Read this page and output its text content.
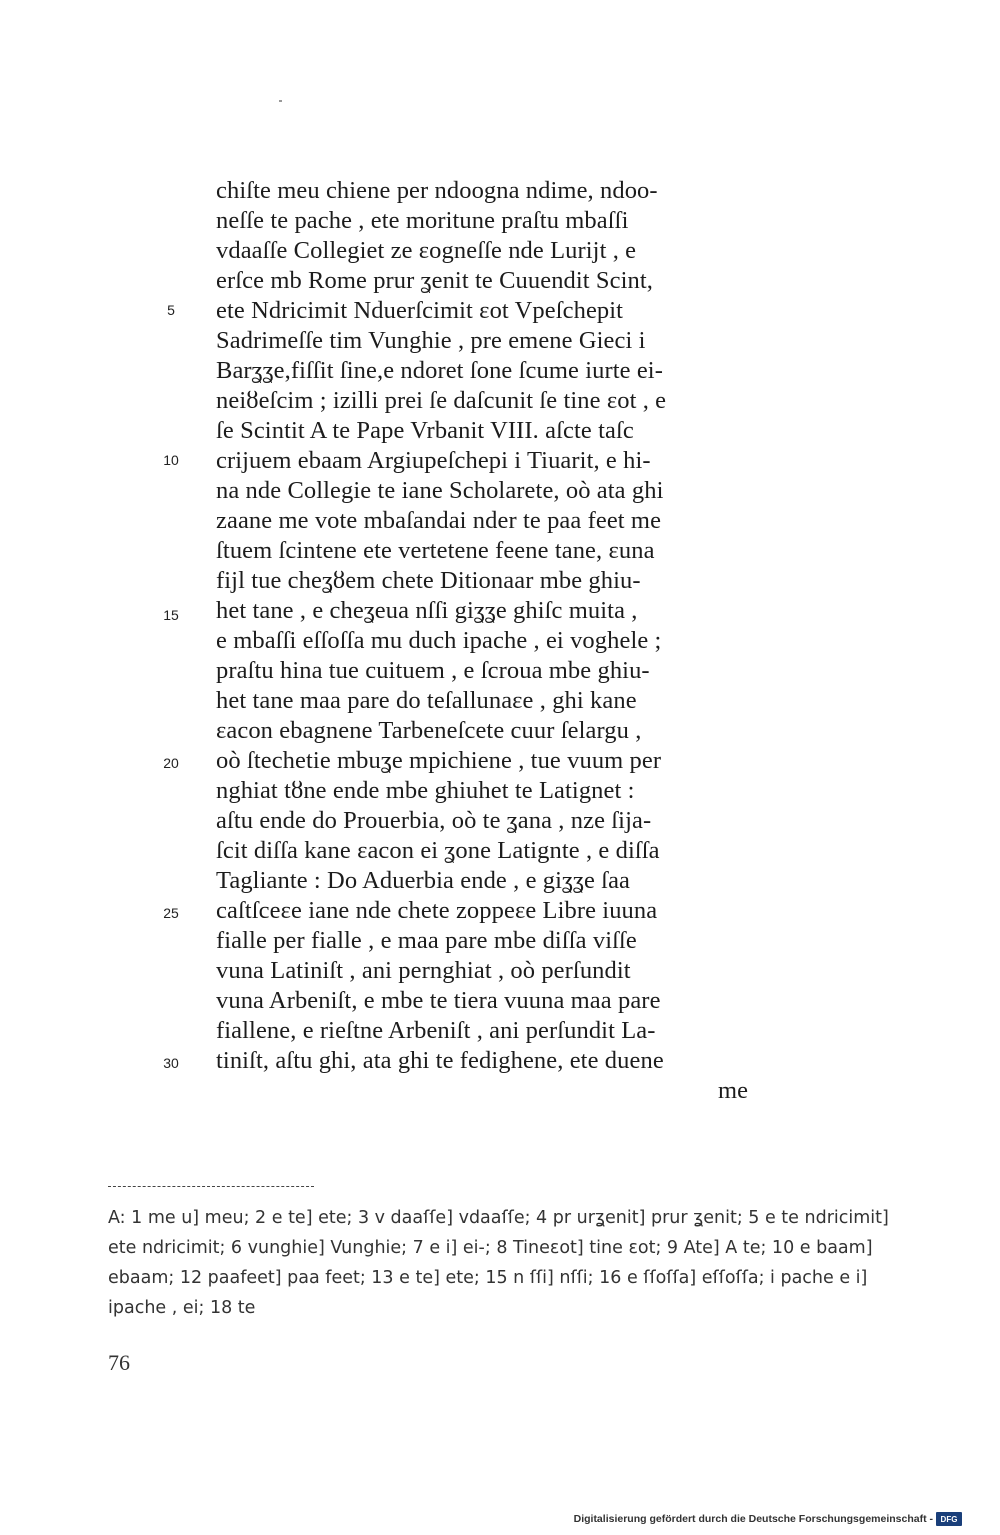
chiſte meu chiene per ndoogna ndime, ndoo-
neſſe te pache , ete moritune praſtu mbaſſi
vdaaſſe Collegiet ze ɛogneſſe nde Lurijt , e
erſce mb Rome prur ʓenit te Cuuendit Scint,
ete Ndricimit Nduerſcimit ɛot Vpeſchepit
Sadrimeſſe tim Vunghie , pre emene Gieci i
Barʓʓe,fiſſit ſine,e ndoret ſone ſcume iurte ei-
neiȣeſcim ; izilli prei ſe daſcunit ſe tine ɛot , e
ſe Scintit A te Pape Vrbanit VIII. aſcte taſc
crijuem ebaam Argiupeſchepi i Tiuarit, e hi-
na nde Collegie te iane Scholarete, oò ata ghi
zaane me vote mbaſandai nder te paa feet me
ſtuem ſcintene ete vertetene feene tane, ɛuna
fijl tue cheʓȣem chete Ditionaar mbe ghiu-
het tane , e cheʓeua nſſi giʓʓe ghiſc muita ,
e mbaſſi eſſoſſa mu duch ipache , ei voghele ;
praſtu hina tue cuituem , e ſcroua mbe ghiu-
het tane maa pare do teſallunaɛe , ghi kane
ɛacon ebagnene Tarbeneſcete cuur ſelargu ,
oò ſtechetie mbuʓe mpichiene , tue vuum per
nghiat tȣne ende mbe ghiuhet te Latignet :
aſtu ende do Prouerbia, oò te ʓana , nze ſija-
ſcit diſſa kane ɛacon ei ʓone Latignte , e diſſa
Tagliante : Do Aduerbia ende , e giʓʓe ſaa
caſtſceɛe iane nde chete zoppeɛe Libre iuuna
fialle per fialle , e maa pare mbe diſſa viſſe
vuna Latiniſt , ani pernghiat , oò perſundit
vuna Arbeniſt, e mbe te tiera vuuna maa pare
fiallene, e rieſtne Arbeniſt , ani perſundit La-
tiniſt, aſtu ghi, ata ghi te fedighene, ete duene
me
5
10
15
20
25
30
A: 1 me u] meu; 2 e te] ete; 3 v daaſſe] vdaaſſe; 4 pr urʓenit] prur ʓenit; 5 e te ndricimit] ete ndricimit; 6 vunghie] Vunghie; 7 e i] ei-; 8 Tineɛot] tine ɛot; 9 Ate] A te; 10 e baam] ebaam; 12 paafeet] paa feet; 13 e te] ete; 15 n ſſi] nſſi; 16 e ſſoſſa] eſſoſſa; i pache e i] ipache , ei; 18 te
76
Digitalisierung gefördert durch die Deutsche Forschungsgemeinschaft - DFG
